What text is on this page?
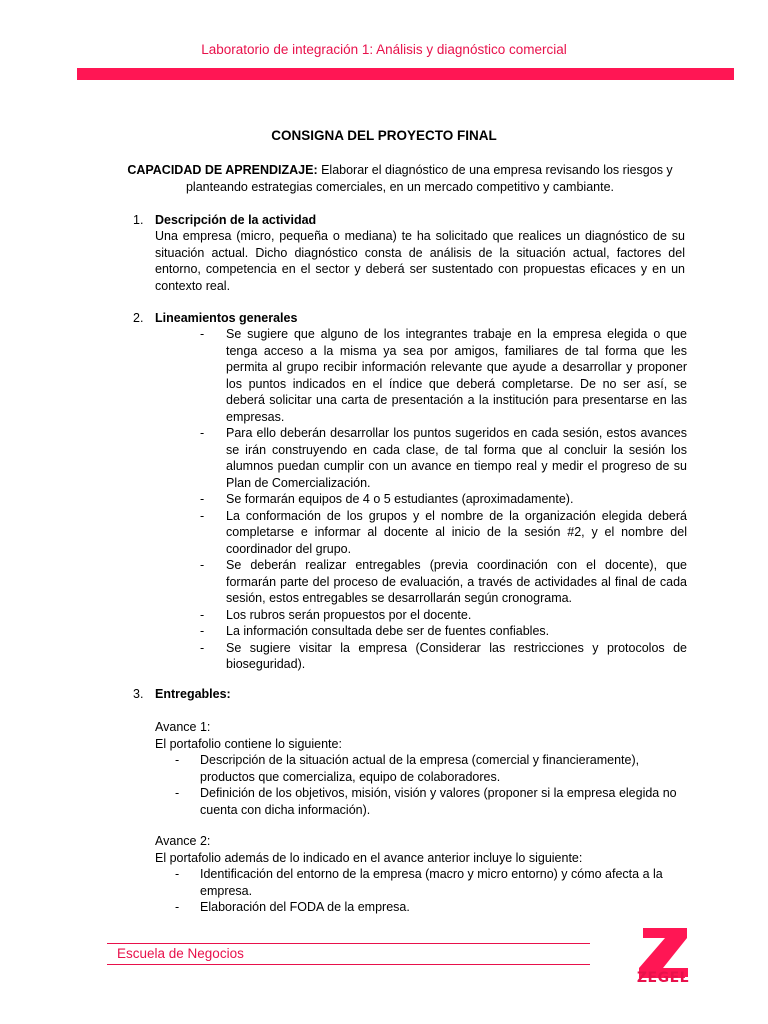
Laboratorio de integración 1: Análisis y diagnóstico comercial
CONSIGNA DEL PROYECTO FINAL
CAPACIDAD DE APRENDIZAJE: Elaborar el diagnóstico de una empresa revisando los riesgos y planteando estrategias comerciales, en un mercado competitivo y cambiante.
1. Descripción de la actividad
Una empresa (micro, pequeña o mediana) te ha solicitado que realices un diagnóstico de su situación actual. Dicho diagnóstico consta de análisis de la situación actual, factores del entorno, competencia en el sector y deberá ser sustentado con propuestas eficaces y en un contexto real.
2. Lineamientos generales
- Se sugiere que alguno de los integrantes trabaje en la empresa elegida o que tenga acceso a la misma ya sea por amigos, familiares de tal forma que les permita al grupo recibir información relevante que ayude a desarrollar y proponer los puntos indicados en el índice que deberá completarse. De no ser así, se deberá solicitar una carta de presentación a la institución para presentarse en las empresas.
- Para ello deberán desarrollar los puntos sugeridos en cada sesión, estos avances se irán construyendo en cada clase, de tal forma que al concluir la sesión los alumnos puedan cumplir con un avance en tiempo real y medir el progreso de su Plan de Comercialización.
- Se formarán equipos de 4 o 5 estudiantes (aproximadamente).
- La conformación de los grupos y el nombre de la organización elegida deberá completarse e informar al docente al inicio de la sesión #2, y el nombre del coordinador del grupo.
- Se deberán realizar entregables (previa coordinación con el docente), que formarán parte del proceso de evaluación, a través de actividades al final de cada sesión, estos entregables se desarrollarán según cronograma.
- Los rubros serán propuestos por el docente.
- La información consultada debe ser de fuentes confiables.
- Se sugiere visitar la empresa (Considerar las restricciones y protocolos de bioseguridad).
3. Entregables:
Avance 1:
El portafolio contiene lo siguiente:
- Descripción de la situación actual de la empresa (comercial y financieramente), productos que comercializa, equipo de colaboradores.
- Definición de los objetivos, misión, visión y valores (proponer si la empresa elegida no cuenta con dicha información).
Avance 2:
El portafolio además de lo indicado en el avance anterior incluye lo siguiente:
- Identificación del entorno de la empresa (macro y micro entorno) y cómo afecta a la empresa.
- Elaboración del FODA de la empresa.
Escuela de Negocios
ZEGEL
